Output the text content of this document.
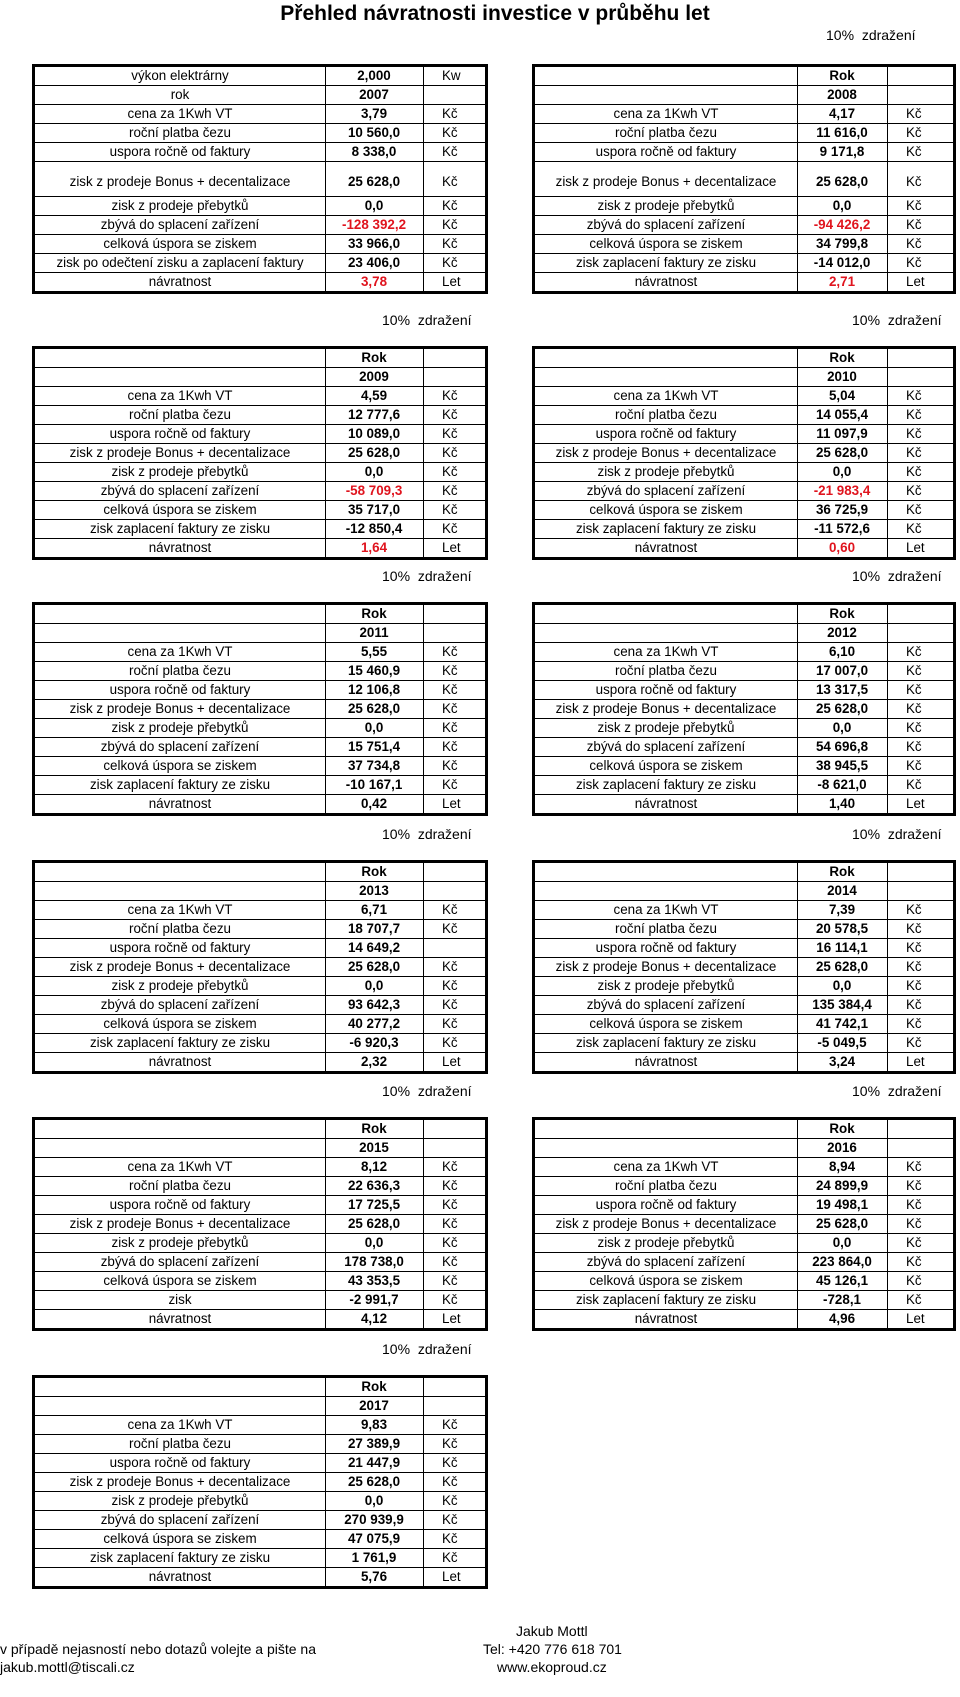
Přehled návratnosti investice v průběhu let
10% zdražení
10% zdražení	10% zdražení
10% zdražení	10% zdražení
10% zdražení	10% zdražení
10% zdražení	10% zdražení
10% zdražení
výkon elektrárny	2,000	Kw
rok	2007
cena za 1Kwh VT	3,79	Kč
roční platba čezu	10 560,0	Kč
uspora ročně od faktury	8 338,0	Kč
zisk z prodeje Bonus + decentalizace	25 628,0	Kč
zisk z prodeje přebytků	0,0	Kč
zbývá do splacení zařízení	-128 392,2	Kč
celková úspora se ziskem	33 966,0	Kč
zisk po odečtení zisku a zaplacení faktury	23 406,0	Kč
návratnost	3,78	Let
Rok
2008
cena za 1Kwh VT	4,17	Kč
roční platba čezu	11 616,0	Kč
uspora ročně od faktury	9 171,8	Kč
zisk z prodeje Bonus + decentalizace	25 628,0	Kč
zisk z prodeje přebytků	0,0	Kč
zbývá do splacení zařízení	-94 426,2	Kč
celková úspora se ziskem	34 799,8	Kč
zisk zaplacení faktury ze zisku	-14 012,0	Kč
návratnost	2,71	Let
Rok
2009
cena za 1Kwh VT	4,59	Kč
roční platba čezu	12 777,6	Kč
uspora ročně od faktury	10 089,0	Kč
zisk z prodeje Bonus + decentalizace	25 628,0	Kč
zisk z prodeje přebytků	0,0	Kč
zbývá do splacení zařízení	-58 709,3	Kč
celková úspora se ziskem	35 717,0	Kč
zisk zaplacení faktury ze zisku	-12 850,4	Kč
návratnost	1,64	Let
Rok
2010
cena za 1Kwh VT	5,04	Kč
roční platba čezu	14 055,4	Kč
uspora ročně od faktury	11 097,9	Kč
zisk z prodeje Bonus + decentalizace	25 628,0	Kč
zisk z prodeje přebytků	0,0	Kč
zbývá do splacení zařízení	-21 983,4	Kč
celková úspora se ziskem	36 725,9	Kč
zisk zaplacení faktury ze zisku	-11 572,6	Kč
návratnost	0,60	Let
Rok
2011
cena za 1Kwh VT	5,55	Kč
roční platba čezu	15 460,9	Kč
uspora ročně od faktury	12 106,8	Kč
zisk z prodeje Bonus + decentalizace	25 628,0	Kč
zisk z prodeje přebytků	0,0	Kč
zbývá do splacení zařízení	15 751,4	Kč
celková úspora se ziskem	37 734,8	Kč
zisk zaplacení faktury ze zisku	-10 167,1	Kč
návratnost	0,42	Let
Rok
2012
cena za 1Kwh VT	6,10	Kč
roční platba čezu	17 007,0	Kč
uspora ročně od faktury	13 317,5	Kč
zisk z prodeje Bonus + decentalizace	25 628,0	Kč
zisk z prodeje přebytků	0,0	Kč
zbývá do splacení zařízení	54 696,8	Kč
celková úspora se ziskem	38 945,5	Kč
zisk zaplacení faktury ze zisku	-8 621,0	Kč
návratnost	1,40	Let
Rok
2013
cena za 1Kwh VT	6,71	Kč
roční platba čezu	18 707,7	Kč
uspora ročně od faktury	14 649,2
zisk z prodeje Bonus + decentalizace	25 628,0	Kč
zisk z prodeje přebytků	0,0	Kč
zbývá do splacení zařízení	93 642,3	Kč
celková úspora se ziskem	40 277,2	Kč
zisk zaplacení faktury ze zisku	-6 920,3	Kč
návratnost	2,32	Let
Rok
2014
cena za 1Kwh VT	7,39	Kč
roční platba čezu	20 578,5	Kč
uspora ročně od faktury	16 114,1	Kč
zisk z prodeje Bonus + decentalizace	25 628,0	Kč
zisk z prodeje přebytků	0,0	Kč
zbývá do splacení zařízení	135 384,4	Kč
celková úspora se ziskem	41 742,1	Kč
zisk zaplacení faktury ze zisku	-5 049,5	Kč
návratnost	3,24	Let
Rok
2015
cena za 1Kwh VT	8,12	Kč
roční platba čezu	22 636,3	Kč
uspora ročně od faktury	17 725,5	Kč
zisk z prodeje Bonus + decentalizace	25 628,0	Kč
zisk z prodeje přebytků	0,0	Kč
zbývá do splacení zařízení	178 738,0	Kč
celková úspora se ziskem	43 353,5	Kč
zisk	-2 991,7	Kč
návratnost	4,12	Let
Rok
2016
cena za 1Kwh VT	8,94	Kč
roční platba čezu	24 899,9	Kč
uspora ročně od faktury	19 498,1	Kč
zisk z prodeje Bonus + decentalizace	25 628,0	Kč
zisk z prodeje přebytků	0,0	Kč
zbývá do splacení zařízení	223 864,0	Kč
celková úspora se ziskem	45 126,1	Kč
zisk zaplacení faktury ze zisku	-728,1	Kč
návratnost	4,96	Let
Rok
2017
cena za 1Kwh VT	9,83	Kč
roční platba čezu	27 389,9	Kč
uspora ročně od faktury	21 447,9	Kč
zisk z prodeje Bonus + decentalizace	25 628,0	Kč
zisk z prodeje přebytků	0,0	Kč
zbývá do splacení zařízení	270 939,9	Kč
celková úspora se ziskem	47 075,9	Kč
zisk zaplacení faktury ze zisku	1 761,9	Kč
návratnost	5,76	Let
v případě nejasností nebo dotazů volejte a pište na
jakub.mottl@tiscali.cz
Jakub Mottl
Tel: +420 776 618 701
www.ekoproud.cz
